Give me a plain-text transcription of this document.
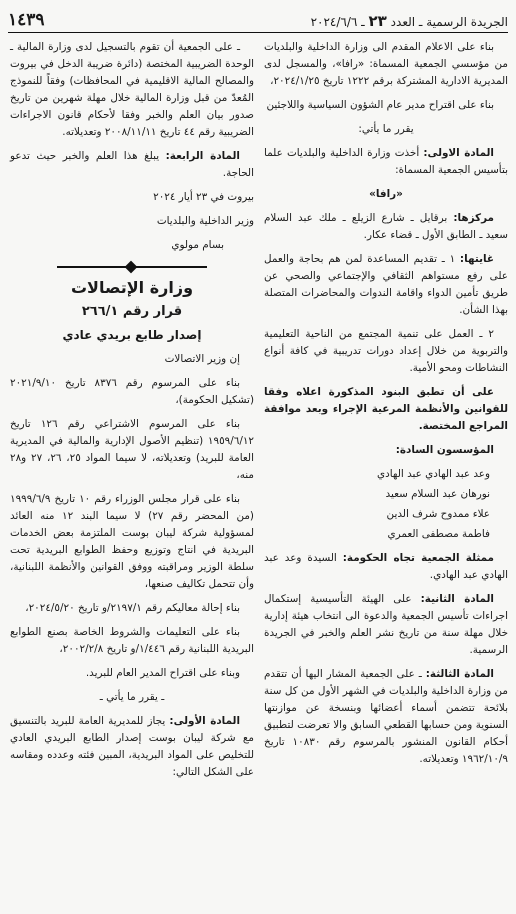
الجريدة الرسمية ـ العدد ٢٣ ـ ٢٠٢٤/٦/٦
١٤٣٩

بناء على الاعلام المقدم الى وزارة الداخلية والبلديات من مؤسسي الجمعية المسماة: «رافا»، والمسجل لدى المديرية الادارية المشتركة برقم ١٢٢٢ تاريخ ٢٠٢٤/١/٢٥،

بناء على اقتراح مدير عام الشؤون السياسية واللاجئين

يقرر ما يأتي:

المادة الاولى: أخذت وزارة الداخلية والبلديات علما بتأسيس الجمعية المسماة:

«رافا»

مركزها: برقايل ـ شارع الزيلع ـ ملك عبد السلام سعيد ـ الطابق الأول ـ قضاء عكار.

غايتها: ١ ـ تقديم المساعدة لمن هم بحاجة والعمل على رفع مستواهم الثقافي والإجتماعي والصحي عن طريق تأمين الدواء واقامة الندوات والمحاضرات المتصلة بهذا الشأن.

٢ ـ العمل على تنمية المجتمع من الناحية التعليمية والتربوية من خلال إعداد دورات تدريبية في كافة أنواع النشاطات ومحو الأمية.

على أن تطبق البنود المذكورة اعلاه وفقا للقوانين والأنظمة المرعية الإجراء وبعد موافقة المراجع المختصة.

المؤسسون السادة:

وعد عبد الهادي عبد الهادي
نورهان عبد السلام سعيد
علاء ممدوح شرف الدين
فاطمة مصطفى العمري

ممثلة الجمعية تجاه الحكومة: السيدة وعد عبد الهادي عبد الهادي.

المادة الثانية: على الهيئة التأسيسية إستكمال اجراءات تأسيس الجمعية والدعوة الى انتخاب هيئة إدارية خلال مهلة سنة من تاريخ نشر العلم والخبر في الجريدة الرسمية.

المادة الثالثة: ـ على الجمعية المشار اليها أن تتقدم من وزارة الداخلية والبلديات في الشهر الأول من كل سنة بلائحة تتضمن أسماء أعضائها وبنسخة عن موازنتها السنوية ومن حسابها القطعي السابق والا تعرضت لتطبيق أحكام القانون المنشور بالمرسوم رقم ١٠٨٣٠ تاريخ ١٩٦٢/١٠/٩ وتعديلاته.

ـ على الجمعية أن تقوم بالتسجيل لدى وزارة المالية ـ الوحدة الضريبية المختصة (دائرة ضريبة الدخل في بيروت والمصالح المالية الاقليمية في المحافظات) وفقاً للنموذج المُعدّ من قبل وزارة المالية خلال مهلة شهرين من تاريخ صدور بيان العلم والخبر وفقا لأحكام قانون الاجراءات الضريبية رقم ٤٤ تاريخ ٢٠٠٨/١١/١١ وتعديلاته.

المادة الرابعة: يبلغ هذا العلم والخبر حيث تدعو الحاجة.

بيروت في ٢٣ أيار ٢٠٢٤

وزير الداخلية والبلديات

بسام مولوي

وزارة الإتصالات

قرار رقم ٢٦٦/١

إصدار طابع بريدي عادي

إن وزير الاتصالات

بناء على المرسوم رقم ٨٣٧٦ تاريخ ٢٠٢١/٩/١٠ (تشكيل الحكومة)،

بناء على المرسوم الاشتراعي رقم ١٢٦ تاريخ ١٩٥٩/٦/١٢ (تنظيم الأصول الإدارية والمالية في المديرية العامة للبريد) وتعديلاته، لا سيما المواد ٢٥، ٢٦، ٢٧ و٢٨ منه،

بناء على قرار مجلس الوزراء رقم ١٠ تاريخ ١٩٩٩/٦/٩ (من المحضر رقم ٢٧) لا سيما البند ١٢ منه العائد لمسؤولية شركة ليبان بوست الملتزمة بعض الخدمات البريدية في انتاج وتوزيع وحفظ الطوابع البريدية تحت سلطة الوزير ومراقبته ووفق القوانين والأنظمة اللبنانية، وأن تتحمل تكاليف صنعها،

بناء إحالة معاليكم رقم ٢١٩٧/١/و تاريخ ٢٠٢٤/٥/٢٠،

بناء على التعليمات والشروط الخاصة بصنع الطوابع البريدية اللبنانية رقم ١/٤٤٦/و تاريخ ٢٠٠٢/٢/٨،

وبناء على اقتراح المدير العام للبريد.

ـ يقرر ما يأتي ـ

المادة الأولى: يجاز للمديرية العامة للبريد بالتنسيق مع شركة ليبان بوست إصدار الطابع البريدي العادي للتخليص على المواد البريدية، المبين فئته وعدده ومقاسه على الشكل التالي:
